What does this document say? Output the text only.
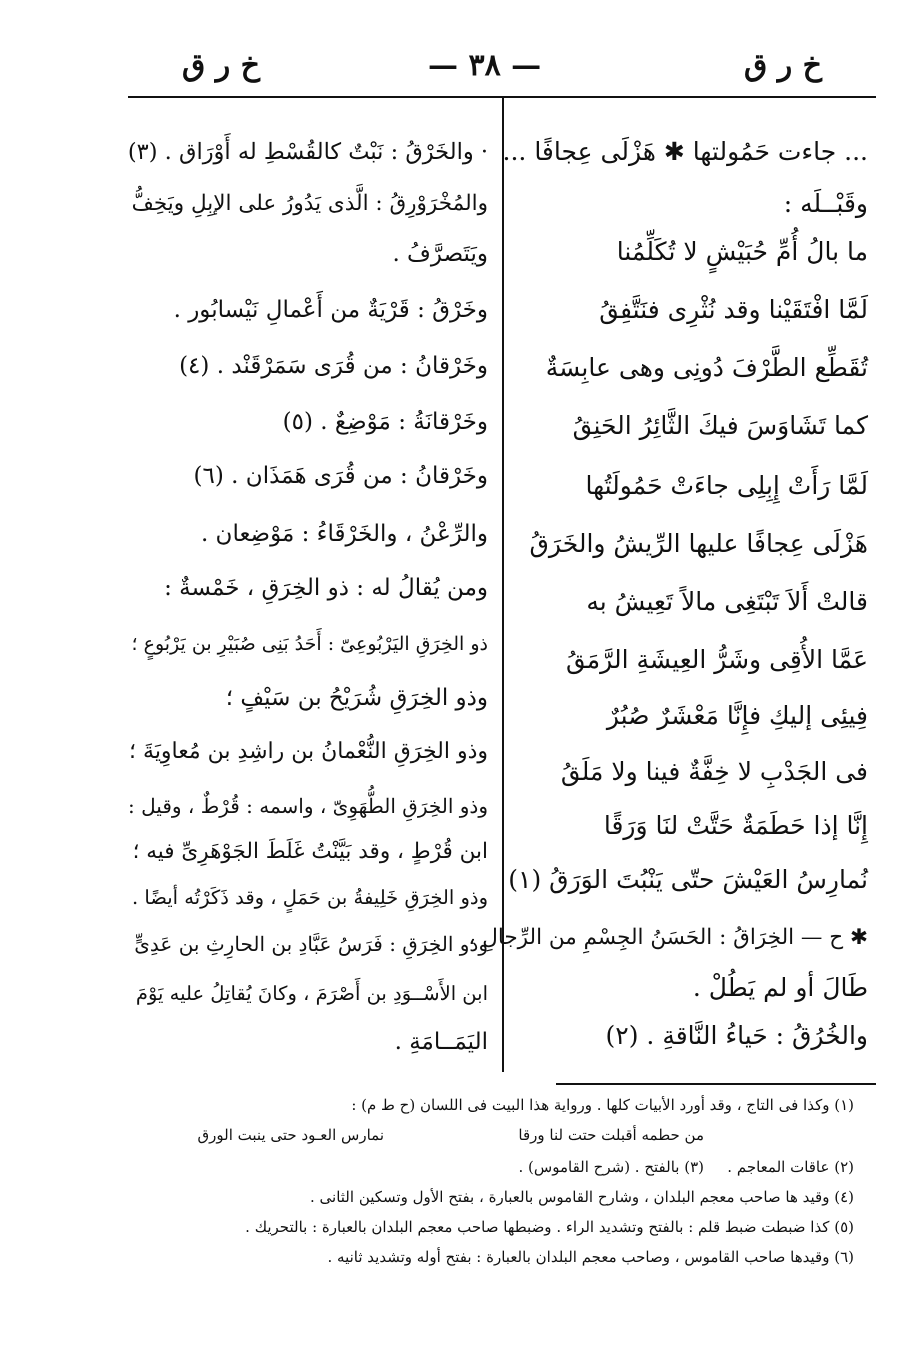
خ ر ق
— ٣٨ —
خ ر ق
... جاءت حَمُولتها ✱ هَزْلَى عِجافًا ...
وقَبْــلَه :
ما بالُ أُمِّ حُبَيْشٍ لا تُكَلِّمُنا
لَمَّا افْتَقَيْنا وقد نُثْرِى فنَتَّفِقُ
تُقَطِّع الطَّرْفَ دُونِى وهى عابِسَةٌ
كما تَشَاوَسَ فيكَ الثَّائِرُ الحَنِقُ
لَمَّا رَأَتْ إِبِلِى جاءَتْ حَمُولَتُها
هَزْلَى عِجافًا عليها الرِّيشُ والخَرَقُ
قالتْ أَلاَ تَبْتَغِى مالاً تَعِيشُ به
عَمَّا الأُقِى وشَرُّ العِيشَةِ الرَّمَقُ
فِيئِى إليكِ فإِنَّا مَعْشَرٌ صُبُرٌ
فى الجَدْبِ لا خِفَّةٌ فينا ولا مَلَقُ
إِنَّا إذا حَطَمَةٌ حَتَّتْ لنَا وَرَقًا
نُمارِسُ العَيْشَ حتّى يَنْبُتَ الوَرَقُ (١)
✱ ح — الخِرَاقُ : الحَسَنُ الجِسْمِ من الرِّجالِ ،
طَالَ أو لم يَطُلْ .
والخُرُقُ : حَياءُ النَّاقةِ . (٢)
· والخَرْقُ : نَبْتٌ كالقُسْطِ له أَوْرَاق . (٣)
والمُخْرَوْرِقُ : الَّذى يَدُورُ على الإبِلِ ويَخِفُّ
ويَتَصرَّفُ .
وخَرْقُ : قَرْيَةٌ من أَعْمالِ نَيْسابُور .
وخَرْقانُ : من قُرَى سَمَرْقَنْد . (٤)
وخَرْقانَةُ : مَوْضِعٌ . (٥)
وخَرْقانُ : من قُرَى هَمَذَان . (٦)
والرِّعْنُ ، والخَرْقَاءُ : مَوْضِعان .
ومن يُقالُ له : ذو الخِرَقِ ، خَمْسةٌ :
ذو الخِرَقِ اليَرْبُوعِىّ : أَحَدُ بَنِى صُبَيْرِ بن يَرْبُوعٍ ؛
وذو الخِرَقِ شُرَيْحُ بن سَيْفٍ ؛
وذو الخِرَقِ النُّعْمانُ بن راشِدِ بن مُعاوِيَةَ ؛
وذو الخِرَقِ الطُّهَوِىّ ، واسمه : قُرْطٌ ، وقيل :
ابن قُرْطٍ ، وقد بَيَّنْتُ غَلَطَ الجَوْهَرِىِّ فيه ؛
وذو الخِرَقِ خَلِيفةُ بن حَمَلٍ ، وقد ذَكَرْتُه أيضًا .
وذو الخِرَقِ : فَرَسُ عَبَّادِ بن الحارِثِ بن عَدِىٍّ
ابن الأَسْــوَدِ بن أَصْرَمَ ، وكانَ يُقاتِلُ عليه يَوْمَ
اليَمَــامَةِ .
(١) وكذا فى التاج ، وقد أورد الأبيات كلها . ورواية هذا البيت فى اللسان (ح ط م) :
من حطمه أقبلت حتت لنا ورقا
نمارس العـود حتى ينبت الورق
(٢) عاقات المعاجم .
(٣) بالفتح . (شرح القاموس) .
(٤) وقيد ها صاحب معجم البلدان ، وشارح القاموس بالعبارة ، بفتح الأول وتسكين الثانى .
(٥) كذا ضبطت ضبط قلم : بالفتح وتشديد الراء . وضبطها صاحب معجم البلدان بالعبارة : بالتحريك .
(٦) وقيدها صاحب القاموس ، وصاحب معجم البلدان بالعبارة : بفتح أوله وتشديد ثانيه .
